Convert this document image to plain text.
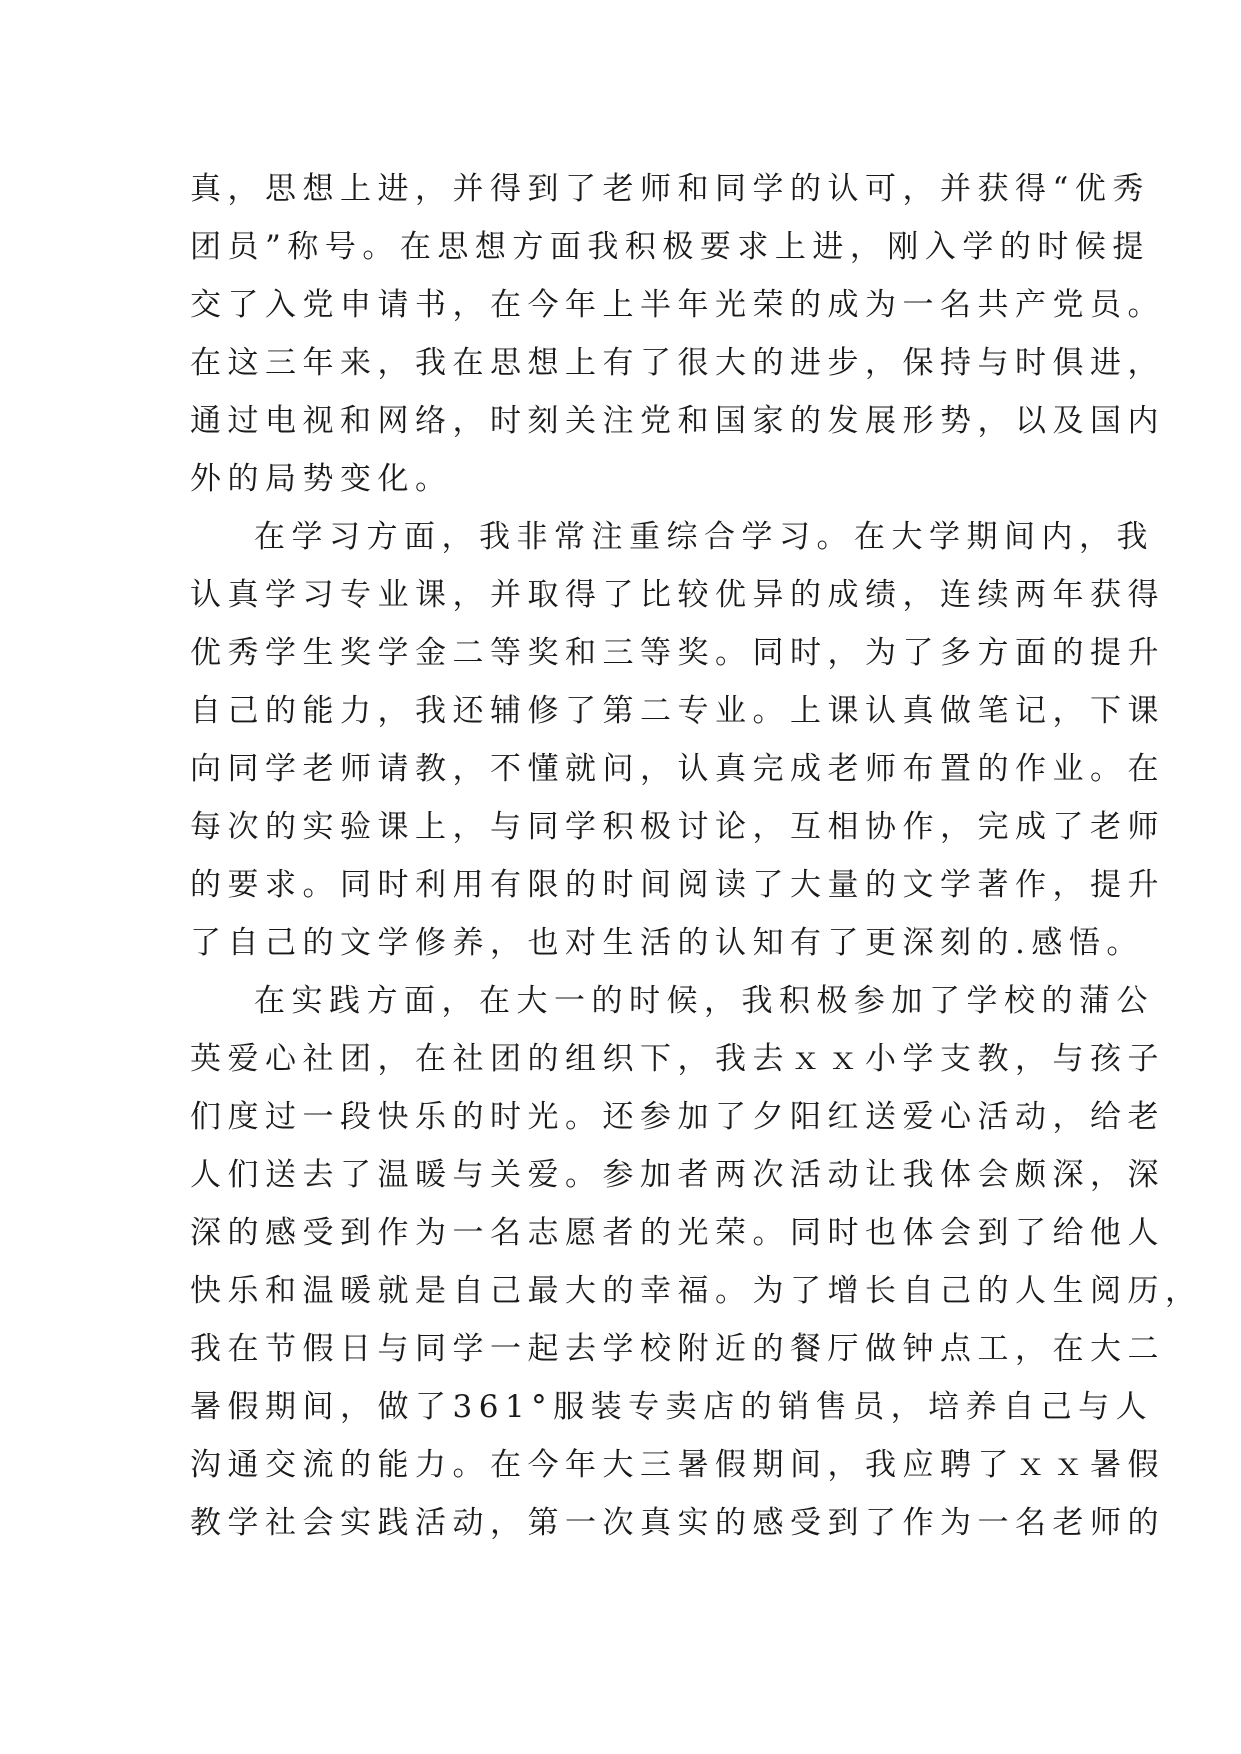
真，思想上进，并得到了老师和同学的认可，并获得“优秀
团员”称号。在思想方面我积极要求上进，刚入学的时候提
交了入党申请书，在今年上半年光荣的成为一名共产党员。
在这三年来，我在思想上有了很大的进步，保持与时俱进，
通过电视和网络，时刻关注党和国家的发展形势，以及国内
外的局势变化。
在学习方面，我非常注重综合学习。在大学期间内，我
认真学习专业课，并取得了比较优异的成绩，连续两年获得
优秀学生奖学金二等奖和三等奖。同时，为了多方面的提升
自己的能力，我还辅修了第二专业。上课认真做笔记，下课
向同学老师请教，不懂就问，认真完成老师布置的作业。在
每次的实验课上，与同学积极讨论，互相协作，完成了老师
的要求。同时利用有限的时间阅读了大量的文学著作，提升
了自己的文学修养，也对生活的认知有了更深刻的.感悟。
在实践方面，在大一的时候，我积极参加了学校的蒲公
英爱心社团，在社团的组织下，我去ｘｘ小学支教，与孩子
们度过一段快乐的时光。还参加了夕阳红送爱心活动，给老
人们送去了温暖与关爱。参加者两次活动让我体会颇深，深
深的感受到作为一名志愿者的光荣。同时也体会到了给他人
快乐和温暖就是自己最大的幸福。为了增长自己的人生阅历，
我在节假日与同学一起去学校附近的餐厅做钟点工，在大二
暑假期间，做了361°服装专卖店的销售员，培养自己与人
沟通交流的能力。在今年大三暑假期间，我应聘了ｘｘ暑假
教学社会实践活动，第一次真实的感受到了作为一名老师的
